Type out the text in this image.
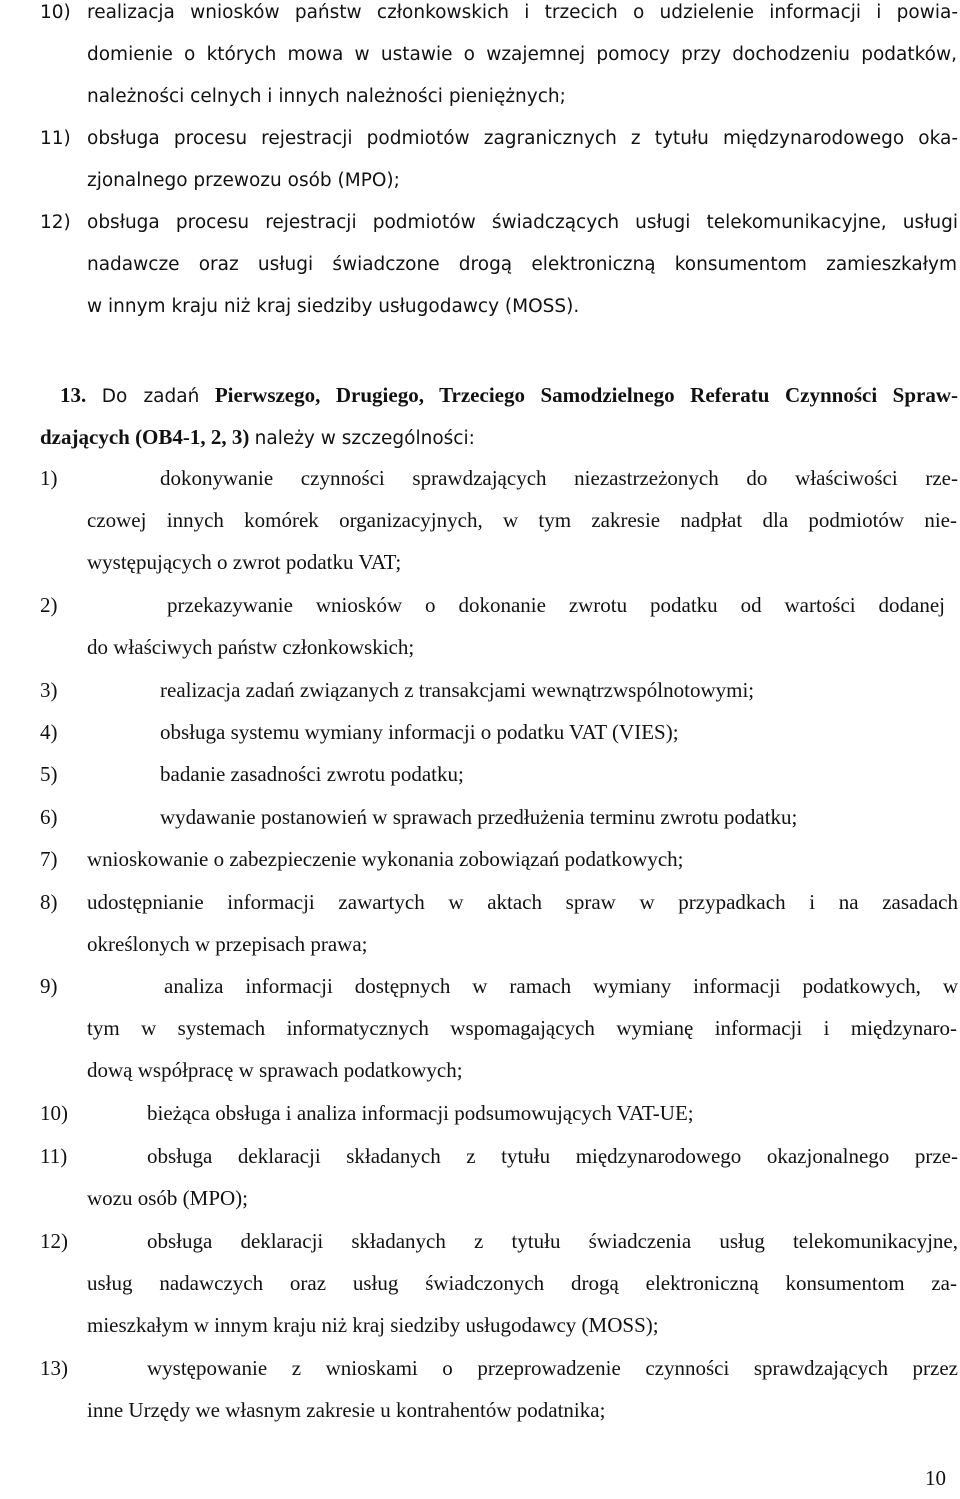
10) realizacja wniosków państw członkowskich i trzecich o udzielenie informacji i powia-
domienie o których mowa w ustawie o wzajemnej pomocy przy dochodzeniu podatków,
należności celnych i innych należności pieniężnych;
11) obsługa procesu rejestracji podmiotów zagranicznych z tytułu międzynarodowego oka-
zjonalnego przewozu osób (MPO);
12) obsługa procesu rejestracji podmiotów świadczących usługi telekomunikacyjne, usługi
nadawcze oraz usługi świadczone drogą elektroniczną konsumentom zamieszkałym
w innym kraju niż kraj siedziby usługodawcy (MOSS).
13. Do zadań Pierwszego, Drugiego, Trzeciego Samodzielnego Referatu Czynności Spraw-
dzających (OB4-1, 2, 3) należy w szczególności:
1)	dokonywanie czynności sprawdzających niezastrzeżonych do właściwości rze-
czowej innych komórek organizacyjnych, w tym zakresie nadpłat dla podmiotów nie-
występujących o zwrot podatku VAT;
2)	przekazywanie wniosków o dokonanie zwrotu podatku od wartości dodanej
do właściwych państw członkowskich;
3)	realizacja zadań związanych z transakcjami wewnątrzwspólnotowymi;
4)	obsługa systemu wymiany informacji o podatku VAT (VIES);
5)	badanie zasadności zwrotu podatku;
6)	wydawanie postanowień w sprawach przedłużenia terminu zwrotu podatku;
7) wnioskowanie o zabezpieczenie wykonania zobowiązań podatkowych;
8) udostępnianie informacji zawartych w aktach spraw w przypadkach i na zasadach
określonych w przepisach prawa;
9)	analiza informacji dostępnych w ramach wymiany informacji podatkowych, w
tym w systemach informatycznych wspomagających wymianę informacji i międzynaro-
dową współpracę w sprawach podatkowych;
10)	bieżąca obsługa i analiza informacji podsumowujących VAT-UE;
11)	obsługa deklaracji składanych z tytułu międzynarodowego okazjonalnego prze-
wozu osób (MPO);
12)	obsługa deklaracji składanych z tytułu świadczenia usług telekomunikacyjne,
usług nadawczych oraz usług świadczonych drogą elektroniczną konsumentom za-
mieszkałym w innym kraju niż kraj siedziby usługodawcy (MOSS);
13)	występowanie z wnioskami o przeprowadzenie czynności sprawdzających przez
inne Urzędy we własnym zakresie u kontrahentów podatnika;
10
